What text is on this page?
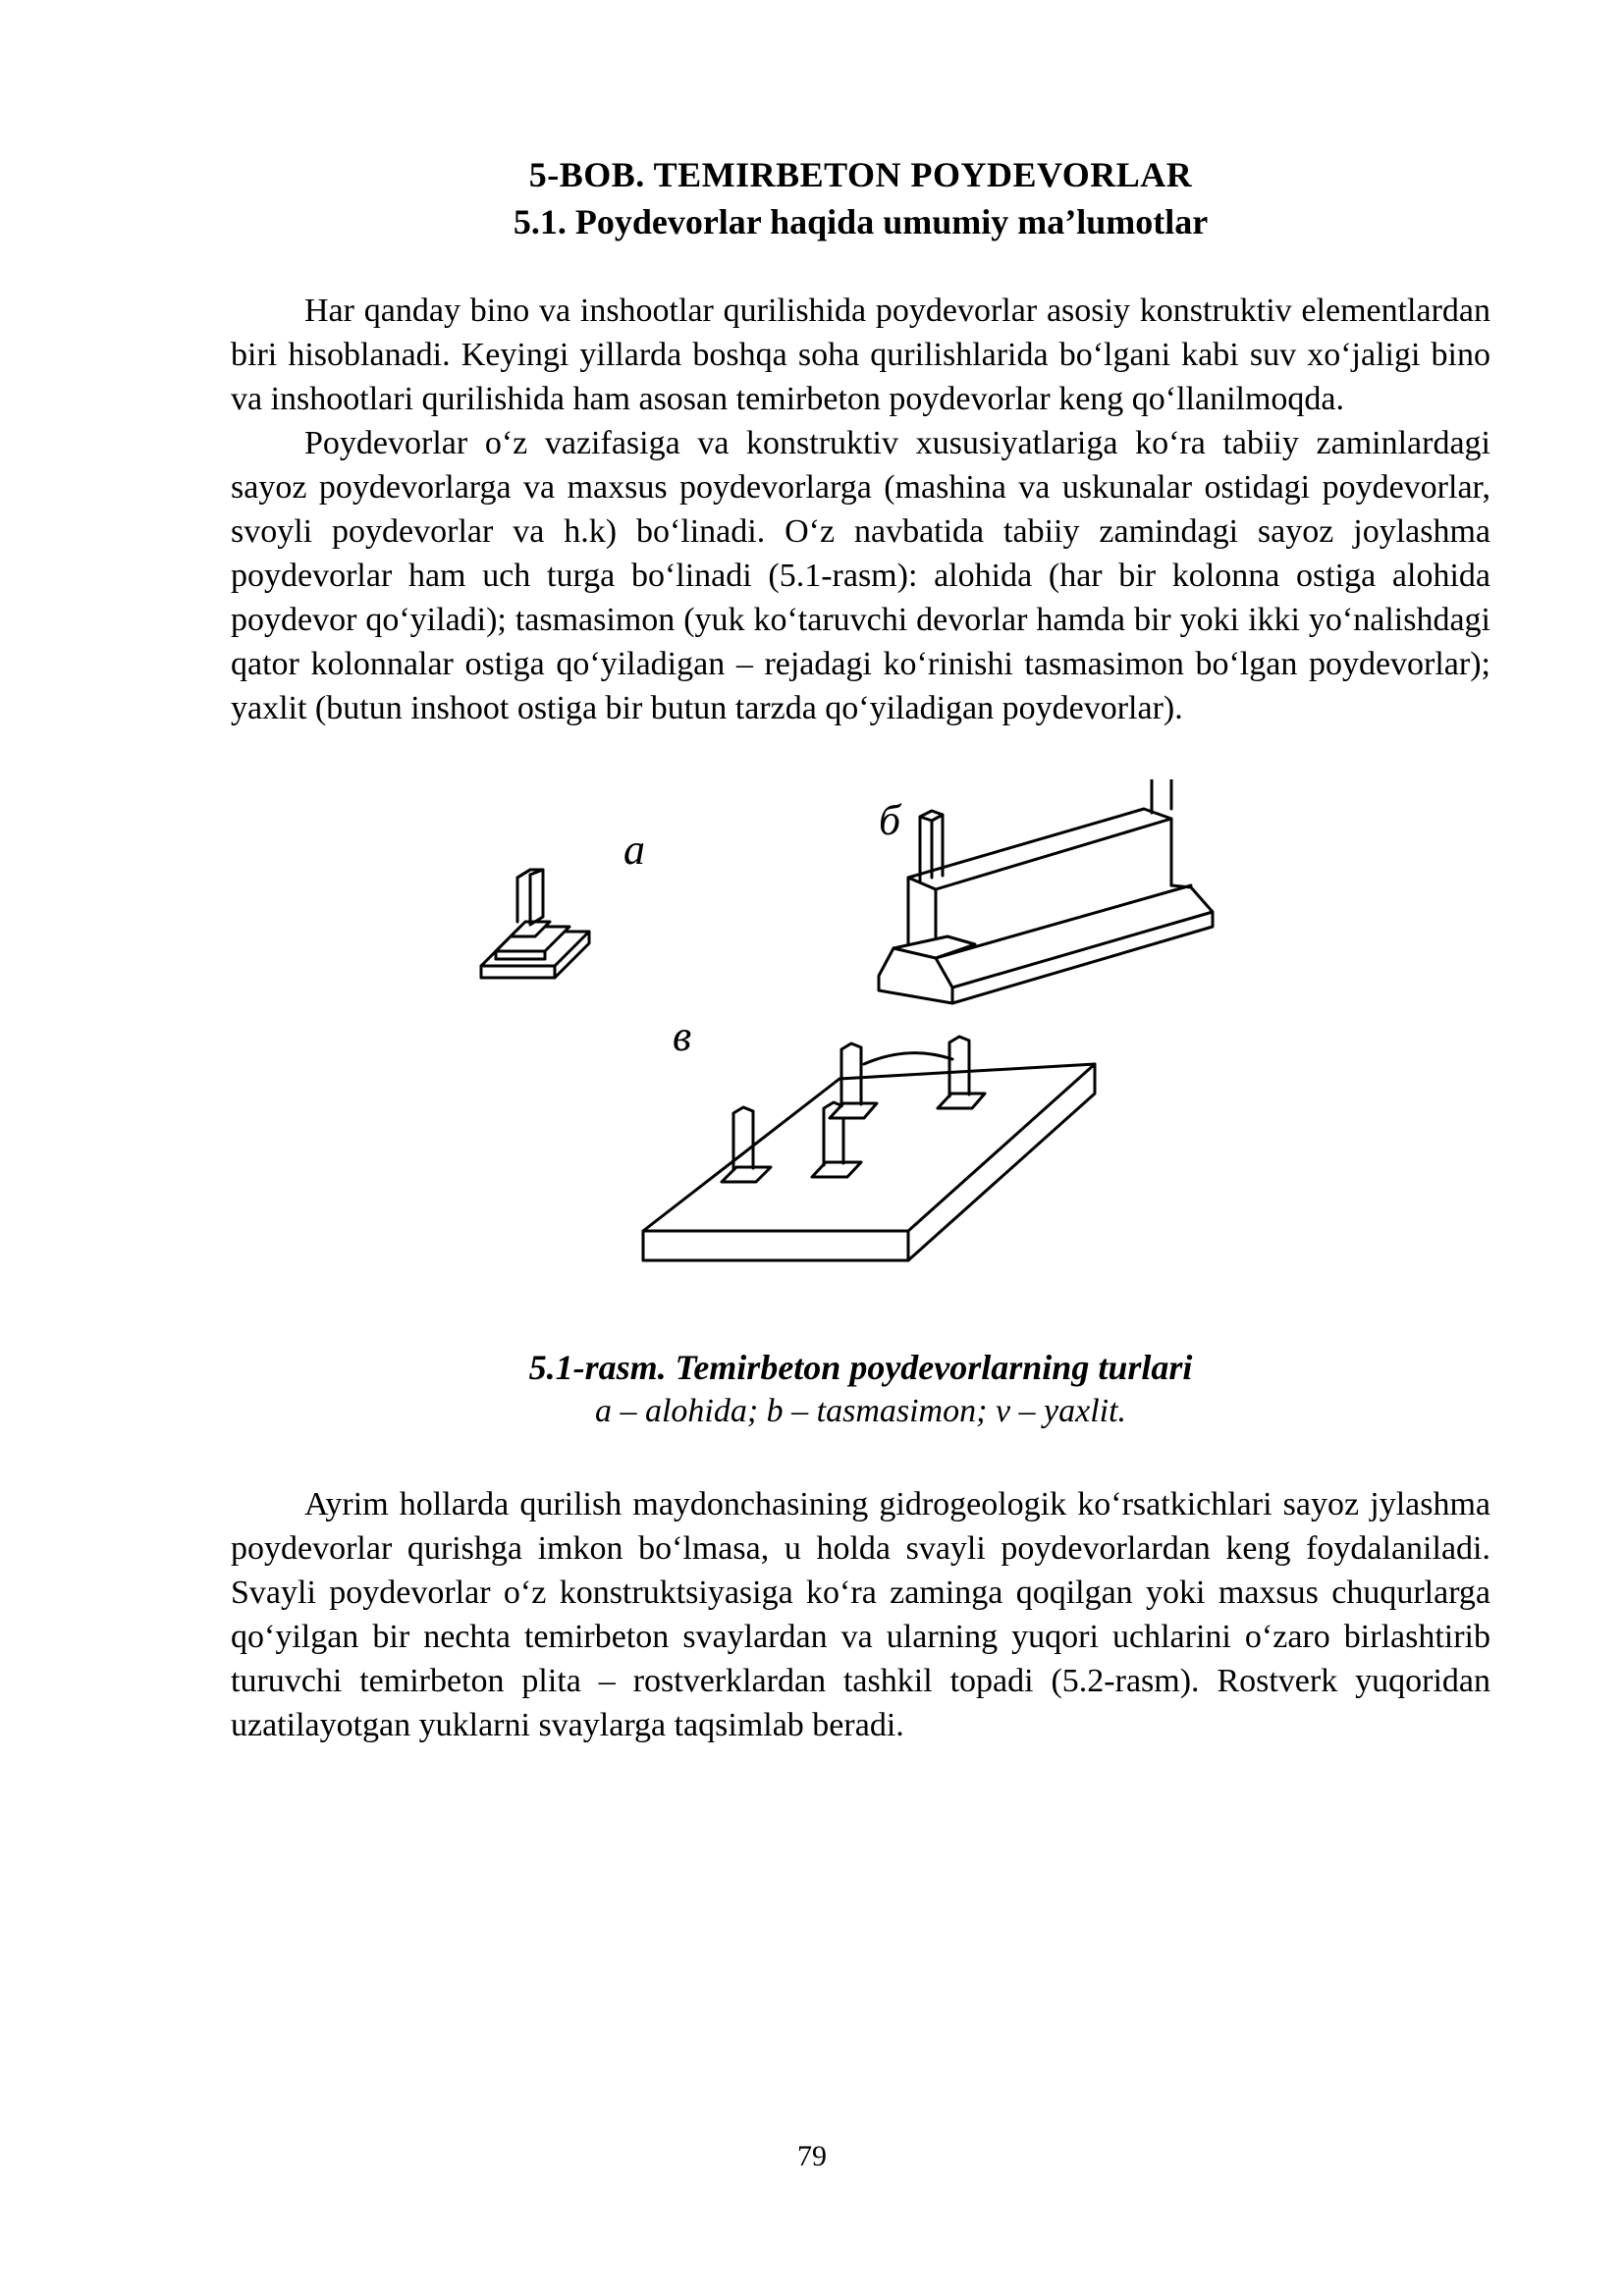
5-BOB. TEMIRBETON POYDEVORLAR

5.1. Poydevorlar haqida umumiy ma’lumotlar

Har qanday bino va inshootlar qurilishida poydevorlar asosiy konstruktiv elementlardan biri hisoblanadi. Keyingi yillarda boshqa soha qurilishlarida bo‘lgani kabi suv xo‘jaligi bino va inshootlari qurilishida ham asosan temirbeton poydevorlar keng qo‘llanilmoqda.

Poydevorlar o‘z vazifasiga va konstruktiv xususiyatlariga ko‘ra tabiiy zaminlardagi sayoz poydevorlarga va maxsus poydevorlarga (mashina va uskunalar ostidagi poydevorlar, svoyli poydevorlar va h.k) bo‘linadi. O‘z navbatida tabiiy zamindagi sayoz joylashma poydevorlar ham uch turga bo‘linadi (5.1-rasm): alohida (har bir kolonna ostiga alohida poydevor qo‘yiladi); tasmasimon (yuk ko‘taruvchi devorlar hamda bir yoki ikki yo‘nalishdagi qator kolonnalar ostiga qo‘yiladigan – rejadagi ko‘rinishi tasmasimon bo‘lgan poydevorlar); yaxlit (butun inshoot ostiga bir butun tarzda qo‘yiladigan poydevorlar).

а
б
в
5.1-rasm. Temirbeton poydevorlarning turlari
a – alohida; b – tasmasimon; v – yaxlit.

Ayrim hollarda qurilish maydonchasining gidrogeologik ko‘rsatkichlari sayoz jylashma poydevorlar qurishga imkon bo‘lmasa, u holda svayli poydevorlardan keng foydalaniladi. Svayli poydevorlar o‘z konstruktsiyasiga ko‘ra zaminga qoqilgan yoki maxsus chuqurlarga qo‘yilgan bir nechta temirbeton svaylardan va ularning yuqori uchlarini o‘zaro birlashtirib turuvchi temirbeton plita – rostverklardan tashkil topadi (5.2-rasm). Rostverk yuqoridan uzatilayotgan yuklarni svaylarga taqsimlab beradi.

79
